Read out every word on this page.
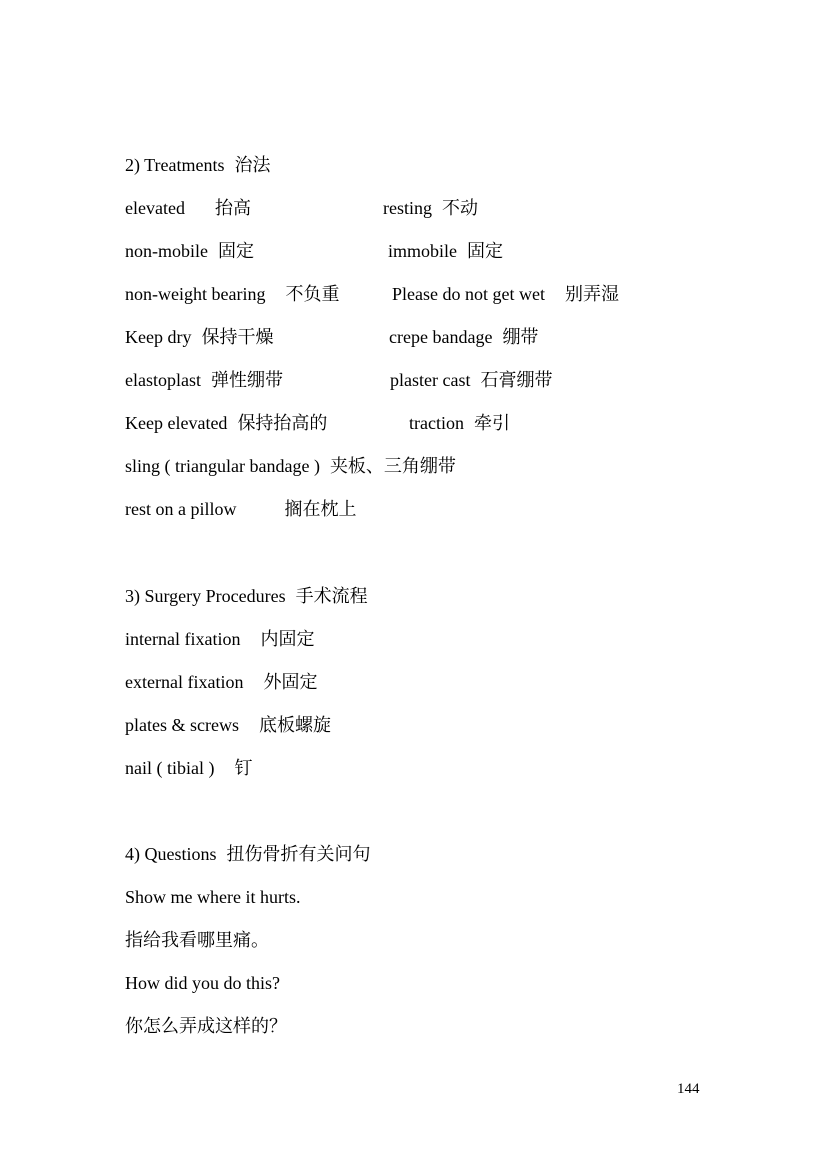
2) Treatments 治法
elevated 抬高	resting 不动
non-mobile 固定	immobile 固定
non-weight bearing 不负重	Please do not get wet 别弄湿
Keep dry 保持干燥	crepe bandage 绷带
elastoplast 弹性绷带	plaster cast 石膏绷带
Keep elevated 保持抬高的	traction 牵引
sling ( triangular bandage ) 夹板、三角绷带
rest on a pillow	搁在枕上
3) Surgery Procedures 手术流程
internal fixation 内固定
external fixation 外固定
plates & screws 底板螺旋
nail ( tibial ) 钉
4) Questions 扭伤骨折有关问句
Show me where it hurts.
指给我看哪里痛。
How did you do this?
你怎么弄成这样的？
144
